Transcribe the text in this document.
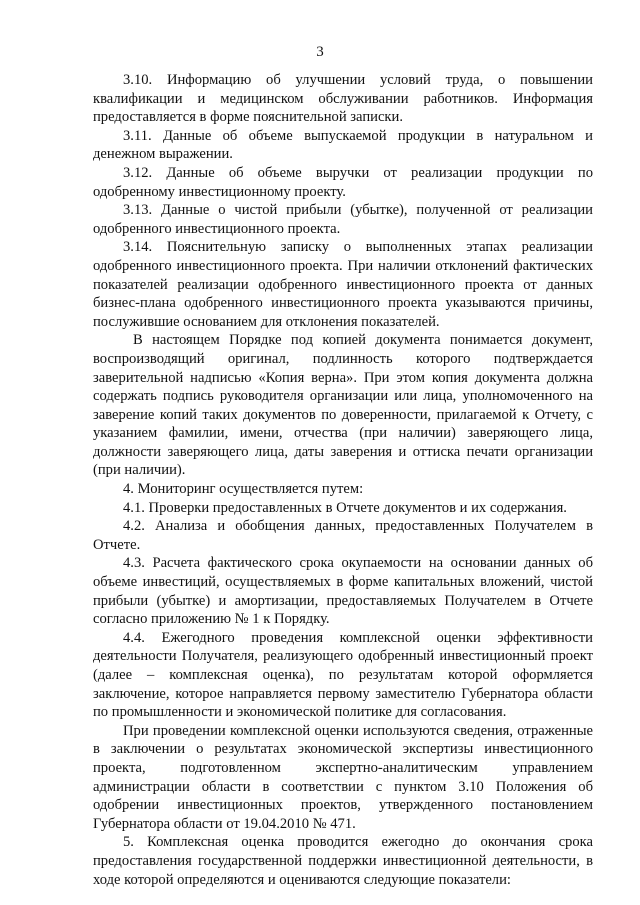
3

3.10. Информацию об улучшении условий труда, о повышении квалификации и медицинском обслуживании работников. Информация предоставляется в форме пояснительной записки.

3.11. Данные об объеме выпускаемой продукции в натуральном и денежном выражении.

3.12. Данные об объеме выручки от реализации продукции по одобренному инвестиционному проекту.

3.13. Данные о чистой прибыли (убытке), полученной от реализации одобренного инвестиционного проекта.

3.14. Пояснительную записку о выполненных этапах реализации одобренного инвестиционного проекта. При наличии отклонений фактических показателей реализации одобренного инвестиционного проекта от данных бизнес-плана одобренного инвестиционного проекта указываются причины, послужившие основанием для отклонения показателей.

В настоящем Порядке под копией документа понимается документ, воспроизводящий оригинал, подлинность которого подтверждается заверительной надписью «Копия верна». При этом копия документа должна содержать подпись руководителя организации или лица, уполномоченного на заверение копий таких документов по доверенности, прилагаемой к Отчету, с указанием фамилии, имени, отчества (при наличии) заверяющего лица, должности заверяющего лица, даты заверения и оттиска печати организации (при наличии).

4. Мониторинг осуществляется путем:

4.1. Проверки предоставленных в Отчете документов и их содержания.

4.2. Анализа и обобщения данных, предоставленных Получателем в Отчете.

4.3. Расчета фактического срока окупаемости на основании данных об объеме инвестиций, осуществляемых в форме капитальных вложений, чистой прибыли (убытке) и амортизации, предоставляемых Получателем в Отчете согласно приложению № 1 к Порядку.

4.4. Ежегодного проведения комплексной оценки эффективности деятельности Получателя, реализующего одобренный инвестиционный проект (далее – комплексная оценка), по результатам которой оформляется заключение, которое направляется первому заместителю Губернатора области по промышленности и экономической политике для согласования.

При проведении комплексной оценки используются сведения, отраженные в заключении о результатах экономической экспертизы инвестиционного проекта, подготовленном экспертно-аналитическим управлением администрации области в соответствии с пунктом 3.10 Положения об одобрении инвестиционных проектов, утвержденного постановлением Губернатора области от 19.04.2010 № 471.

5. Комплексная оценка проводится ежегодно до окончания срока предоставления государственной поддержки инвестиционной деятельности, в ходе которой определяются и оцениваются следующие показатели:
